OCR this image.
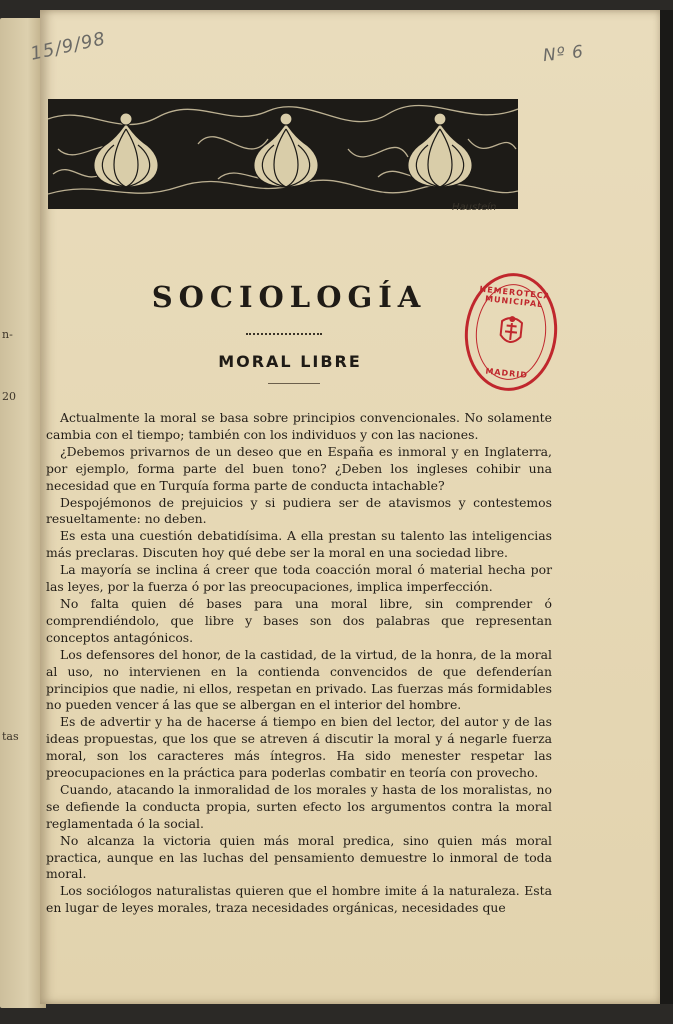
n-
20
tas
15/9/98	Nº 6
Hausteín
SOCIOLOGÍA
MORAL LIBRE
HEMEROTECA MUNICIPAL
MADRID

Actualmente la moral se basa sobre principios convencionales. No solamente cambia con el tiempo; también con los individuos y con las naciones.

¿Debemos privarnos de un deseo que en España es inmoral y en Inglaterra, por ejemplo, forma parte del buen tono? ¿Deben los ingleses cohibir una necesidad que en Turquía forma parte de conducta intachable?

Despojémonos de prejuicios y si pudiera ser de atavismos y contestemos resueltamente: no deben.

Es esta una cuestión debatidísima. A ella prestan su talento las inteligencias más preclaras. Discuten hoy qué debe ser la moral en una sociedad libre.

La mayoría se inclina á creer que toda coacción moral ó material hecha por las leyes, por la fuerza ó por las preocupaciones, implica imperfección.

No falta quien dé bases para una moral libre, sin comprender ó comprendiéndolo, que libre y bases son dos palabras que representan conceptos antagónicos.

Los defensores del honor, de la castidad, de la virtud, de la honra, de la moral al uso, no intervienen en la contienda convencidos de que defenderían principios que nadie, ni ellos, respetan en privado. Las fuerzas más formidables no pueden vencer á las que se albergan en el interior del hombre.

Es de advertir y ha de hacerse á tiempo en bien del lector, del autor y de las ideas propuestas, que los que se atreven á discutir la moral y á negarle fuerza moral, son los caracteres más íntegros. Ha sido menester respetar las preocupaciones en la práctica para poderlas combatir en teoría con provecho.

Cuando, atacando la inmoralidad de los morales y hasta de los moralistas, no se defiende la conducta propia, surten efecto los argumentos contra la moral reglamentada ó la social.

No alcanza la victoria quien más moral predica, sino quien más moral practica, aunque en las luchas del pensamiento demuestre lo inmoral de toda moral.

Los sociólogos naturalistas quieren que el hombre imite á la naturaleza. Esta en lugar de leyes morales, traza necesidades orgánicas, necesidades que
